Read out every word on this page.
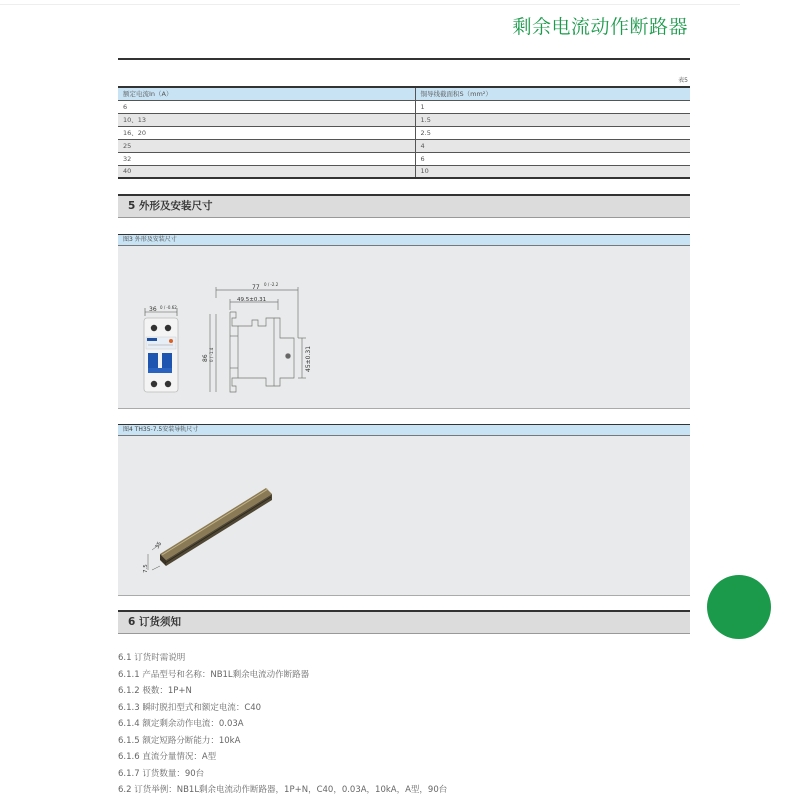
剩余电流动作断路器
表5
额定电流In（A）	铜导线截面积S（mm²）
6	1
10、13	1.5
16、20	2.5
25	4
32	6
40	10
5 外形及安装尺寸
图3 外形及安装尺寸
36 0 / -0.62
77 0 / -2.2
49.5±0.31
86 0 / -1.4	45±0.31
图4 TH35-7.5安装导轨尺寸
35
7.5
6 订货须知
6.1 订货时需说明
6.1.1 产品型号和名称：NB1L剩余电流动作断路器
6.1.2 极数：1P+N
6.1.3 瞬时脱扣型式和额定电流：C40
6.1.4 额定剩余动作电流：0.03A
6.1.5 额定短路分断能力：10kA
6.1.6 直流分量情况：A型
6.1.7 订货数量：90台
6.2 订货举例：NB1L剩余电流动作断路器，1P+N，C40，0.03A，10kA，A型，90台
